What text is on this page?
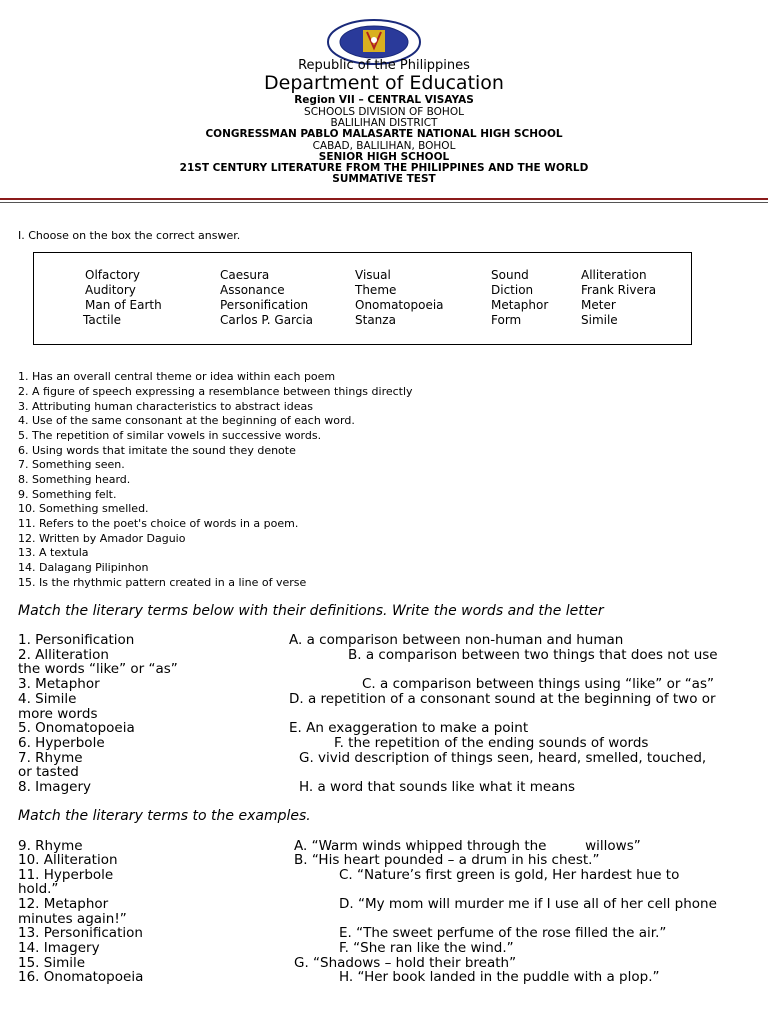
Republic of the Philippines
Department of Education
Region VII – CENTRAL VISAYAS
SCHOOLS DIVISION OF BOHOL
BALILIHAN DISTRICT
CONGRESSMAN PABLO MALASARTE NATIONAL HIGH SCHOOL
CABAD, BALILIHAN, BOHOL
SENIOR HIGH SCHOOL
21ST CENTURY LITERATURE FROM THE PHILIPPINES AND THE WORLD
SUMMATIVE TEST
I. Choose on the box the correct answer.
Olfactory	Caesura	Visual	Sound	Alliteration
Auditory	Assonance	Theme	Diction	Frank Rivera
Man of Earth	Personification	Onomatopoeia	Metaphor	Meter
Tactile	Carlos P. Garcia	Stanza	Form	Simile
1. Has an overall central theme or idea within each poem
2. A figure of speech expressing a resemblance between things directly
3. Attributing human characteristics to abstract ideas
4. Use of the same consonant at the beginning of each word.
5. The repetition of similar vowels in successive words.
6. Using words that imitate the sound they denote
7. Something seen.
8. Something heard.
9. Something felt.
10. Something smelled.
11. Refers to the poet's choice of words in a poem.
12. Written by Amador Daguio
13. A textula
14. Dalagang Pilipinhon
15. Is the rhythmic pattern created in a line of verse
Match the literary terms below with their definitions. Write the words and the letter
1. Personification	A. a comparison between non-human and human
2. Alliteration	B. a comparison between two things that does not use
the words “like” or “as”
3. Metaphor	C. a comparison between things using “like” or “as”
4. Simile	D. a repetition of a consonant sound at the beginning of two or
more words
5. Onomatopoeia	E. An exaggeration to make a point
6. Hyperbole	F. the repetition of the ending sounds of words
7. Rhyme	G. vivid description of things seen, heard, smelled, touched,
or tasted
8. Imagery	H. a word that sounds like what it means
Match the literary terms to the examples.
9. Rhyme	A. “Warm winds whipped through the         willows”
10. Alliteration	B. “His heart pounded – a drum in his chest.”
11. Hyperbole	C. “Nature’s first green is gold, Her hardest hue to
hold.”
12. Metaphor	D. “My mom will murder me if I use all of her cell phone
minutes again!”
13. Personification	E. “The sweet perfume of the rose filled the air.”
14. Imagery	F. “She ran like the wind.”
15. Simile	G. “Shadows – hold their breath”
16. Onomatopoeia	H. “Her book landed in the puddle with a plop.”
